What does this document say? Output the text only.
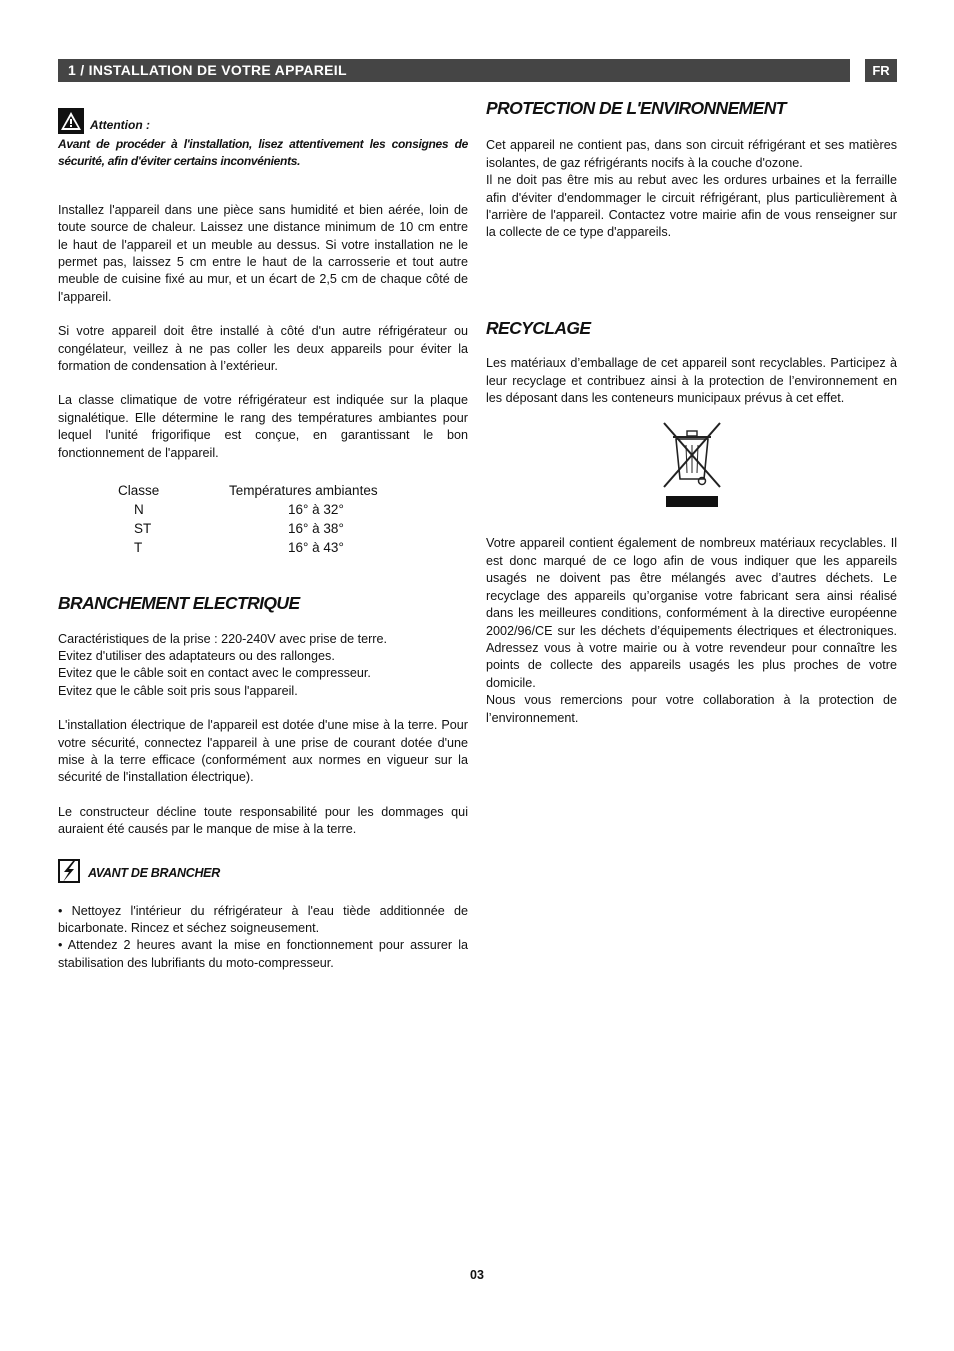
1 / INSTALLATION DE VOTRE APPAREIL	FR
Attention :

Avant de procéder à l'installation, lisez attentivement les consignes de sécurité, afin d'éviter certains inconvénients.

Installez l'appareil dans une pièce sans humidité et bien aérée, loin de toute source de chaleur. Laissez une distance minimum de 10 cm entre le haut de l'appareil et un meuble au dessus. Si votre installation ne le permet pas, laissez 5 cm entre le haut de la carrosserie et tout autre meuble de cuisine fixé au mur, et un écart de 2,5 cm de chaque côté de l'appareil.

Si votre appareil doit être installé à côté d'un autre réfrigérateur ou congélateur, veillez à ne pas coller les deux appareils pour éviter la formation de condensation à l’extérieur.

La classe climatique de votre réfrigérateur est indiquée sur la plaque signalétique. Elle détermine le rang des températures ambiantes pour lequel l'unité frigorifique est conçue, en garantissant le bon fonctionnement de l'appareil.

Classe	Températures ambiantes
N	16° à 32°
ST	16° à 38°
T	16° à 43°
BRANCHEMENT ELECTRIQUE

Caractéristiques de la prise : 220-240V avec prise de terre.

Evitez d'utiliser des adaptateurs ou des rallonges.

Evitez que le câble soit en contact avec le compresseur.

Evitez que le câble soit pris sous l'appareil.

L'installation électrique de l'appareil est dotée d'une mise à la terre. Pour votre sécurité, connectez l'appareil à une prise de courant dotée d'une mise à la terre efficace (conformément aux normes en vigueur sur la sécurité de l'installation électrique).

Le constructeur décline toute responsabilité pour les dommages qui auraient été causés par le manque de mise à la terre.

AVANT DE BRANCHER

• Nettoyez l'intérieur du réfrigérateur à l'eau tiède additionnée de bicarbonate. Rincez et séchez soigneusement.

• Attendez 2 heures avant la mise en fonctionnement pour assurer la stabilisation des lubrifiants du moto-compresseur.

PROTECTION DE L'ENVIRONNEMENT

Cet appareil ne contient pas, dans son circuit réfrigérant et ses matières isolantes, de gaz réfrigérants nocifs à la couche d'ozone.

Il ne doit pas être mis au rebut avec les ordures urbaines et la ferraille afin d'éviter d'endommager le circuit réfrigérant, plus particulièrement à l'arrière de l'appareil. Contactez votre mairie afin de vous renseigner sur la collecte de ce type d'appareils.

RECYCLAGE

Les matériaux d’emballage de cet appareil sont recyclables. Participez à leur recyclage et contribuez ainsi à la protection de l’environnement en les déposant dans les conteneurs municipaux prévus à cet effet.

Votre appareil contient également de nombreux matériaux recyclables. Il est donc marqué de ce logo afin de vous indiquer que les appareils usagés ne doivent pas être mélangés avec d’autres déchets. Le recyclage des appareils qu’organise votre fabricant sera ainsi réalisé dans les meilleures conditions, conformément à la directive européenne 2002/96/CE sur les déchets d’équipements électriques et électroniques. Adressez vous à votre mairie ou à votre revendeur pour connaître les points de collecte des appareils usagés les plus proches de votre domicile.

Nous vous remercions pour votre collaboration à la protection de l’environnement.

03
